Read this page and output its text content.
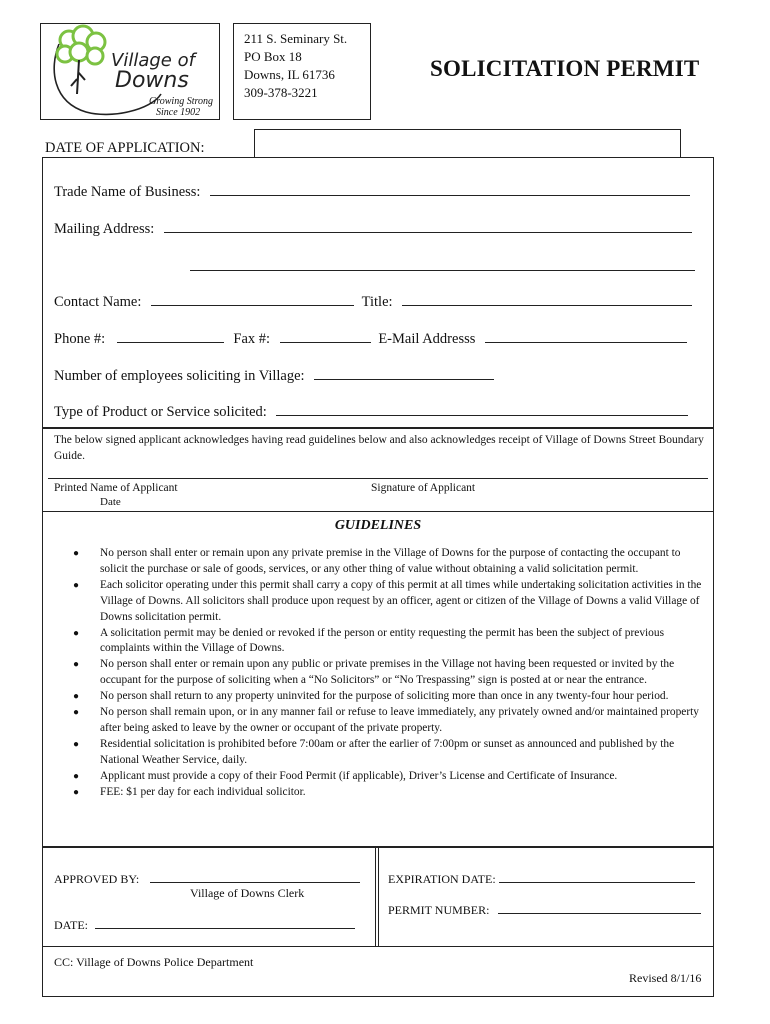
Village of
Downs
Growing Strong
Since 1902
211 S. Seminary St.
PO Box 18
Downs, IL 61736
309-378-3221
SOLICITATION PERMIT
DATE OF APPLICATION:
Trade Name of Business:
Mailing Address:
Contact Name:	Title:
Phone #:	Fax #:	E-Mail Addresss
Number of employees soliciting in Village:
Type of Product or Service solicited:
The below signed applicant acknowledges having read guidelines below and also acknowledges receipt of Village of Downs Street Boundary Guide.
Printed Name of Applicant
Date
Signature of Applicant
GUIDELINES
● No person shall enter or remain upon any private premise in the Village of Downs for the purpose of contacting the occupant to solicit the purchase or sale of goods, services, or any other thing of value without obtaining a valid solicitation permit.
● Each solicitor operating under this permit shall carry a copy of this permit at all times while undertaking solicitation activities in the Village of Downs. All solicitors shall produce upon request by an officer, agent or citizen of the Village of Downs a valid Village of Downs solicitation permit.
● A solicitation permit may be denied or revoked if the person or entity requesting the permit has been the subject of previous complaints within the Village of Downs.
● No person shall enter or remain upon any public or private premises in the Village not having been requested or invited by the occupant for the purpose of soliciting when a “No Solicitors” or “No Trespassing” sign is posted at or near the entrance.
● No person shall return to any property uninvited for the purpose of soliciting more than once in any twenty-four hour period.
● No person shall remain upon, or in any manner fail or refuse to leave immediately, any privately owned and/or maintained property after being asked to leave by the owner or occupant of the private property.
● Residential solicitation is prohibited before 7:00am or after the earlier of 7:00pm or sunset as announced and published by the National Weather Service, daily.
● Applicant must provide a copy of their Food Permit (if applicable), Driver’s License and Certificate of Insurance.
● FEE: $1 per day for each individual solicitor.
APPROVED BY:
Village of Downs Clerk
DATE:
EXPIRATION DATE:
PERMIT NUMBER:
CC: Village of Downs Police Department
Revised 8/1/16
